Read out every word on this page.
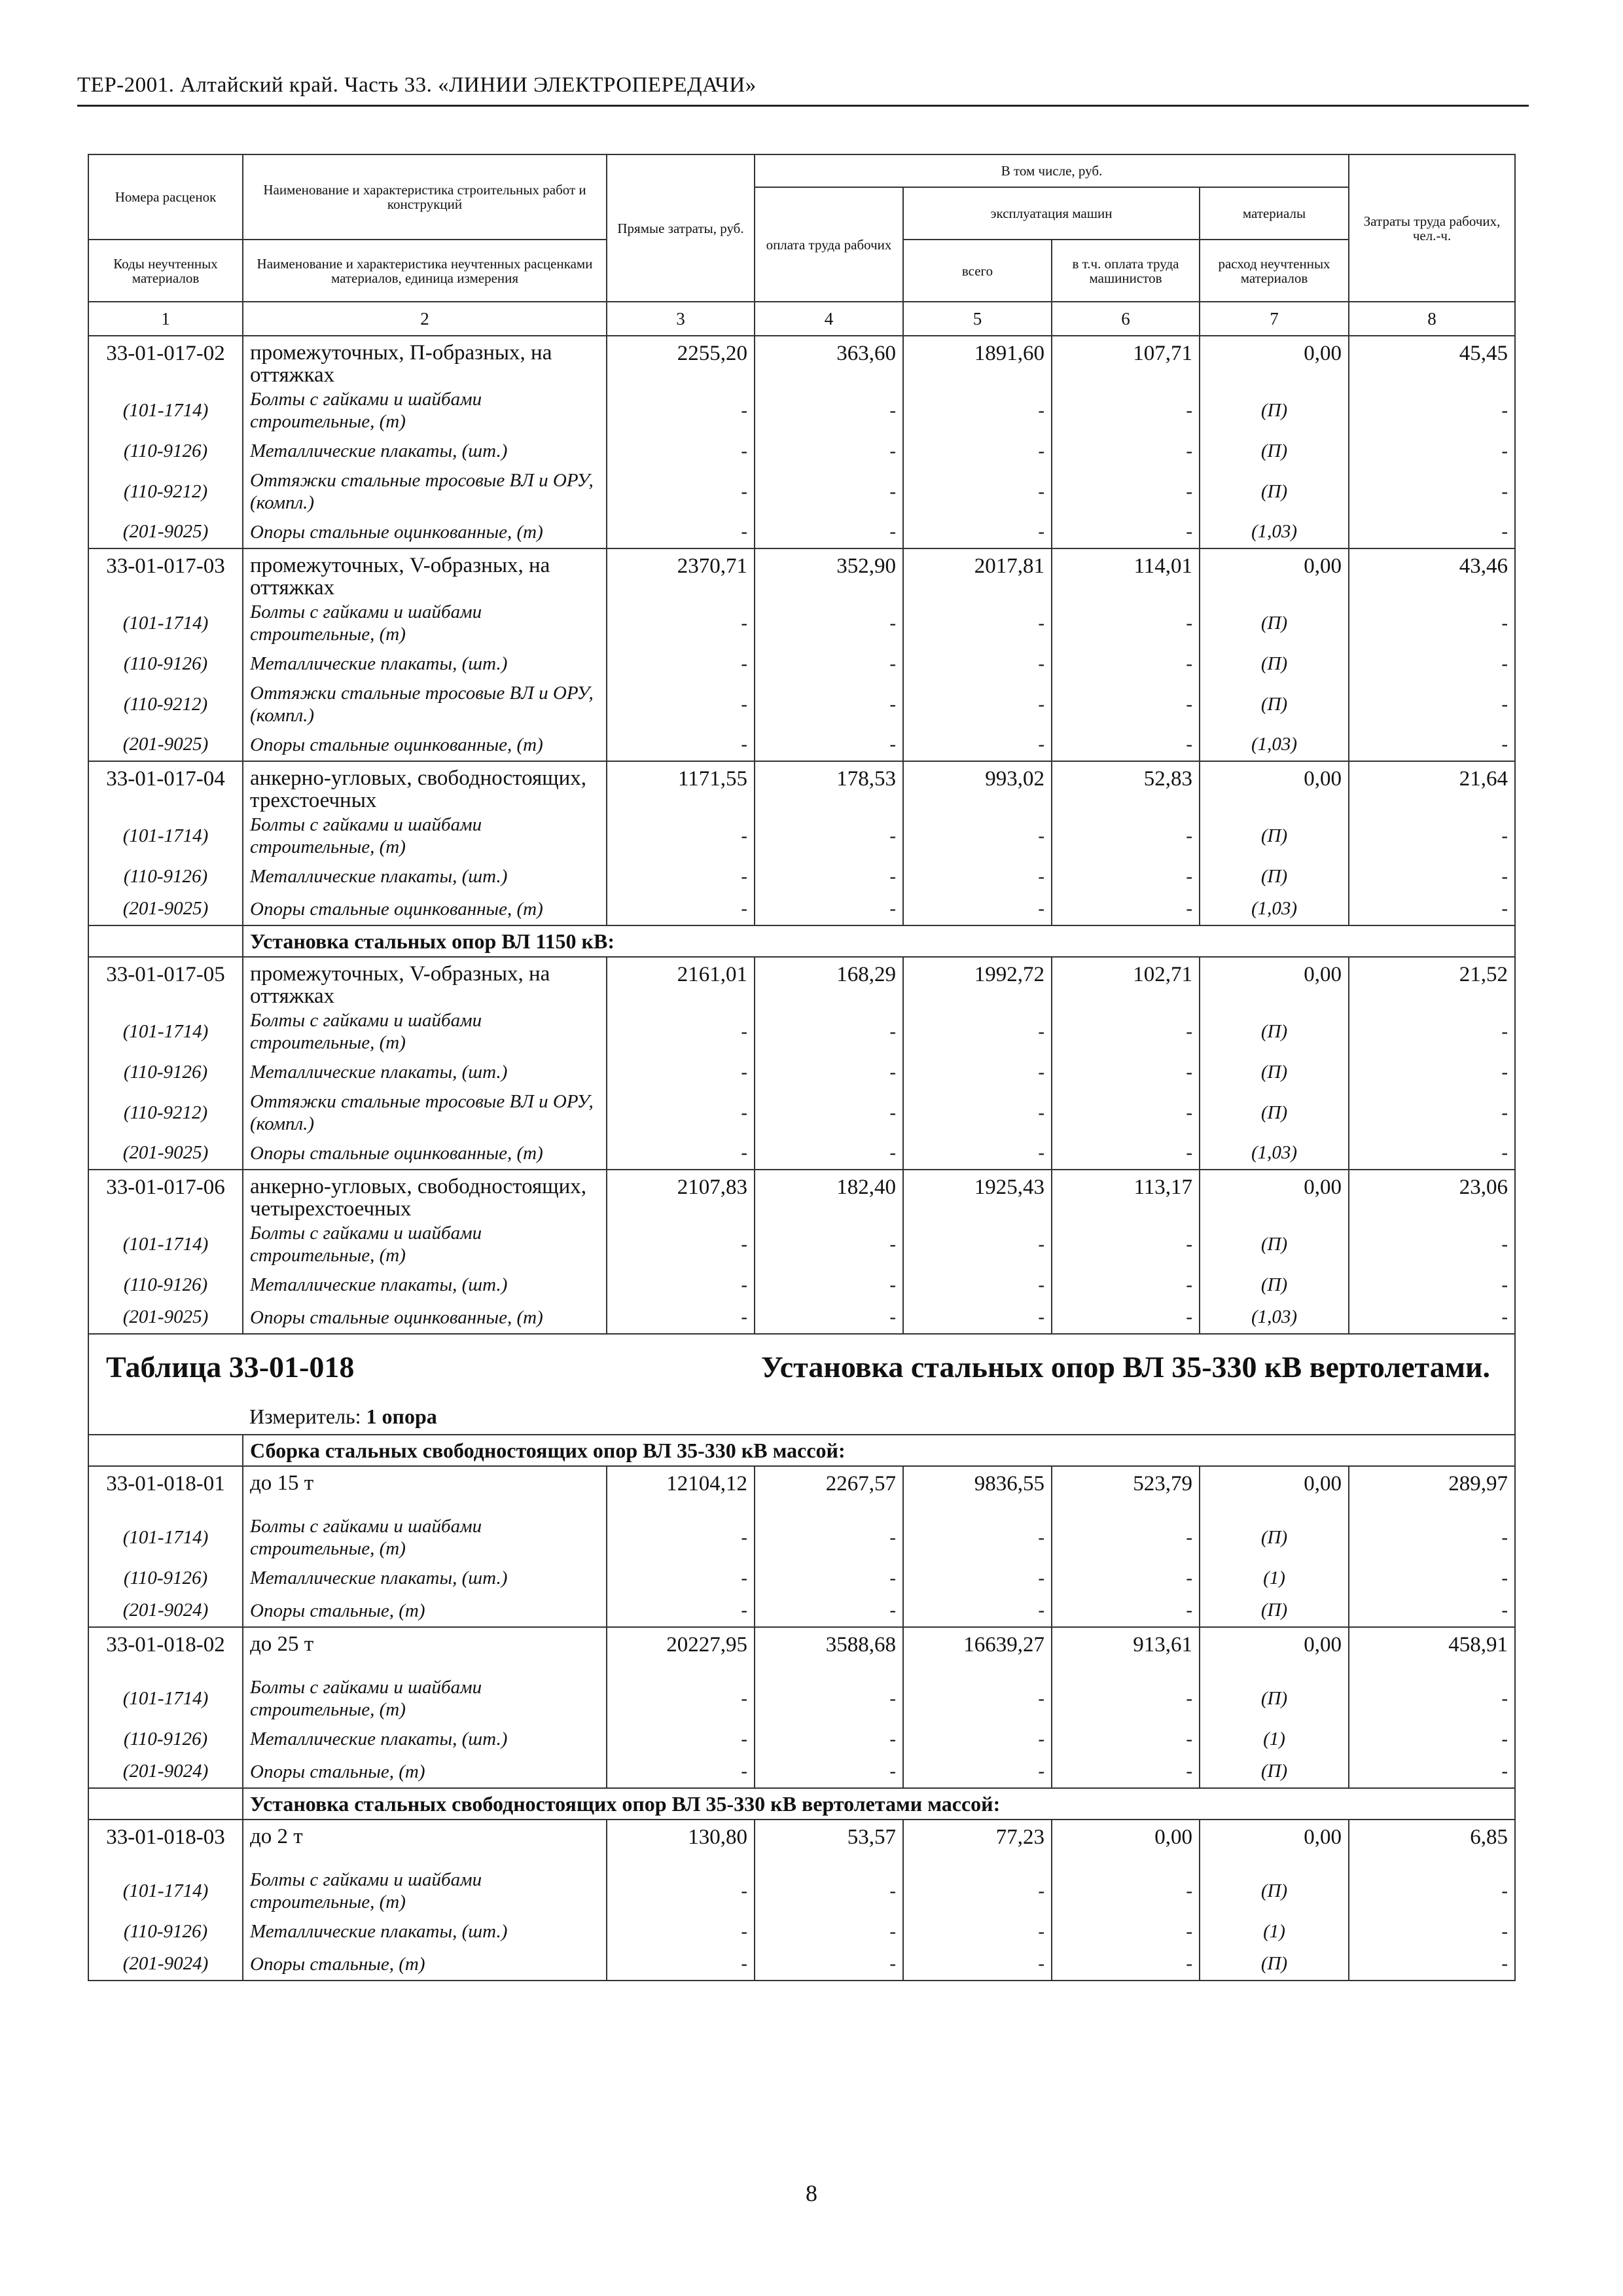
ТЕР-2001. Алтайский край. Часть 33. «ЛИНИИ ЭЛЕКТРОПЕРЕДАЧИ»
Номера расценок	Наименование и характеристика строительных работ и конструкций	Прямые затраты, руб.	В том числе, руб.				Затраты труда рабочих, чел.-ч.
			оплата труда рабочих	эксплуатация машин		материалы	
Коды неучтенных материалов	Наименование и характеристика неучтенных расценками материалов, единица измерения			всего	в т.ч. оплата труда машинистов	расход неучтенных материалов	
1	2	3	4	5	6	7	8
33-01-017-02	промежуточных, П-образных, на оттяжках	2255,20	363,60	1891,60	107,71	0,00	45,45
(101-1714)	Болты с гайками и шайбами строительные, (т)	-	-	-	-	(П)	-
(110-9126)	Металлические плакаты, (шт.)	-	-	-	-	(П)	-
(110-9212)	Оттяжки стальные тросовые ВЛ и ОРУ, (компл.)	-	-	-	-	(П)	-
(201-9025)	Опоры стальные оцинкованные, (т)	-	-	-	-	(1,03)	-
33-01-017-03	промежуточных, V-образных, на оттяжках	2370,71	352,90	2017,81	114,01	0,00	43,46
(101-1714)	Болты с гайками и шайбами строительные, (т)	-	-	-	-	(П)	-
(110-9126)	Металлические плакаты, (шт.)	-	-	-	-	(П)	-
(110-9212)	Оттяжки стальные тросовые ВЛ и ОРУ, (компл.)	-	-	-	-	(П)	-
(201-9025)	Опоры стальные оцинкованные, (т)	-	-	-	-	(1,03)	-
33-01-017-04	анкерно-угловых, свободностоящих, трехстоечных	1171,55	178,53	993,02	52,83	0,00	21,64
(101-1714)	Болты с гайками и шайбами строительные, (т)	-	-	-	-	(П)	-
(110-9126)	Металлические плакаты, (шт.)	-	-	-	-	(П)	-
(201-9025)	Опоры стальные оцинкованные, (т)	-	-	-	-	(1,03)	-
	Установка стальных опор ВЛ 1150 кВ:						
33-01-017-05	промежуточных, V-образных, на оттяжках	2161,01	168,29	1992,72	102,71	0,00	21,52
(101-1714)	Болты с гайками и шайбами строительные, (т)	-	-	-	-	(П)	-
(110-9126)	Металлические плакаты, (шт.)	-	-	-	-	(П)	-
(110-9212)	Оттяжки стальные тросовые ВЛ и ОРУ, (компл.)	-	-	-	-	(П)	-
(201-9025)	Опоры стальные оцинкованные, (т)	-	-	-	-	(1,03)	-
33-01-017-06	анкерно-угловых, свободностоящих, четырехстоечных	2107,83	182,40	1925,43	113,17	0,00	23,06
(101-1714)	Болты с гайками и шайбами строительные, (т)	-	-	-	-	(П)	-
(110-9126)	Металлические плакаты, (шт.)	-	-	-	-	(П)	-
(201-9025)	Опоры стальные оцинкованные, (т)	-	-	-	-	(1,03)	-
Таблица 33-01-018			Установка стальных опор ВЛ 35-330 кВ вертолетами.				
	Измеритель: 1 опора						
	Сборка стальных свободностоящих опор ВЛ 35-330 кВ массой:						
33-01-018-01	до 15 т	12104,12	2267,57	9836,55	523,79	0,00	289,97
(101-1714)	Болты с гайками и шайбами строительные, (т)	-	-	-	-	(П)	-
(110-9126)	Металлические плакаты, (шт.)	-	-	-	-	(1)	-
(201-9024)	Опоры стальные, (т)	-	-	-	-	(П)	-
33-01-018-02	до 25 т	20227,95	3588,68	16639,27	913,61	0,00	458,91
(101-1714)	Болты с гайками и шайбами строительные, (т)	-	-	-	-	(П)	-
(110-9126)	Металлические плакаты, (шт.)	-	-	-	-	(1)	-
(201-9024)	Опоры стальные, (т)	-	-	-	-	(П)	-
	Установка стальных свободностоящих опор ВЛ 35-330 кВ вертолетами массой:						
33-01-018-03	до 2 т	130,80	53,57	77,23	0,00	0,00	6,85
(101-1714)	Болты с гайками и шайбами строительные, (т)	-	-	-	-	(П)	-
(110-9126)	Металлические плакаты, (шт.)	-	-	-	-	(1)	-
(201-9024)	Опоры стальные, (т)	-	-	-	-	(П)	-
8
